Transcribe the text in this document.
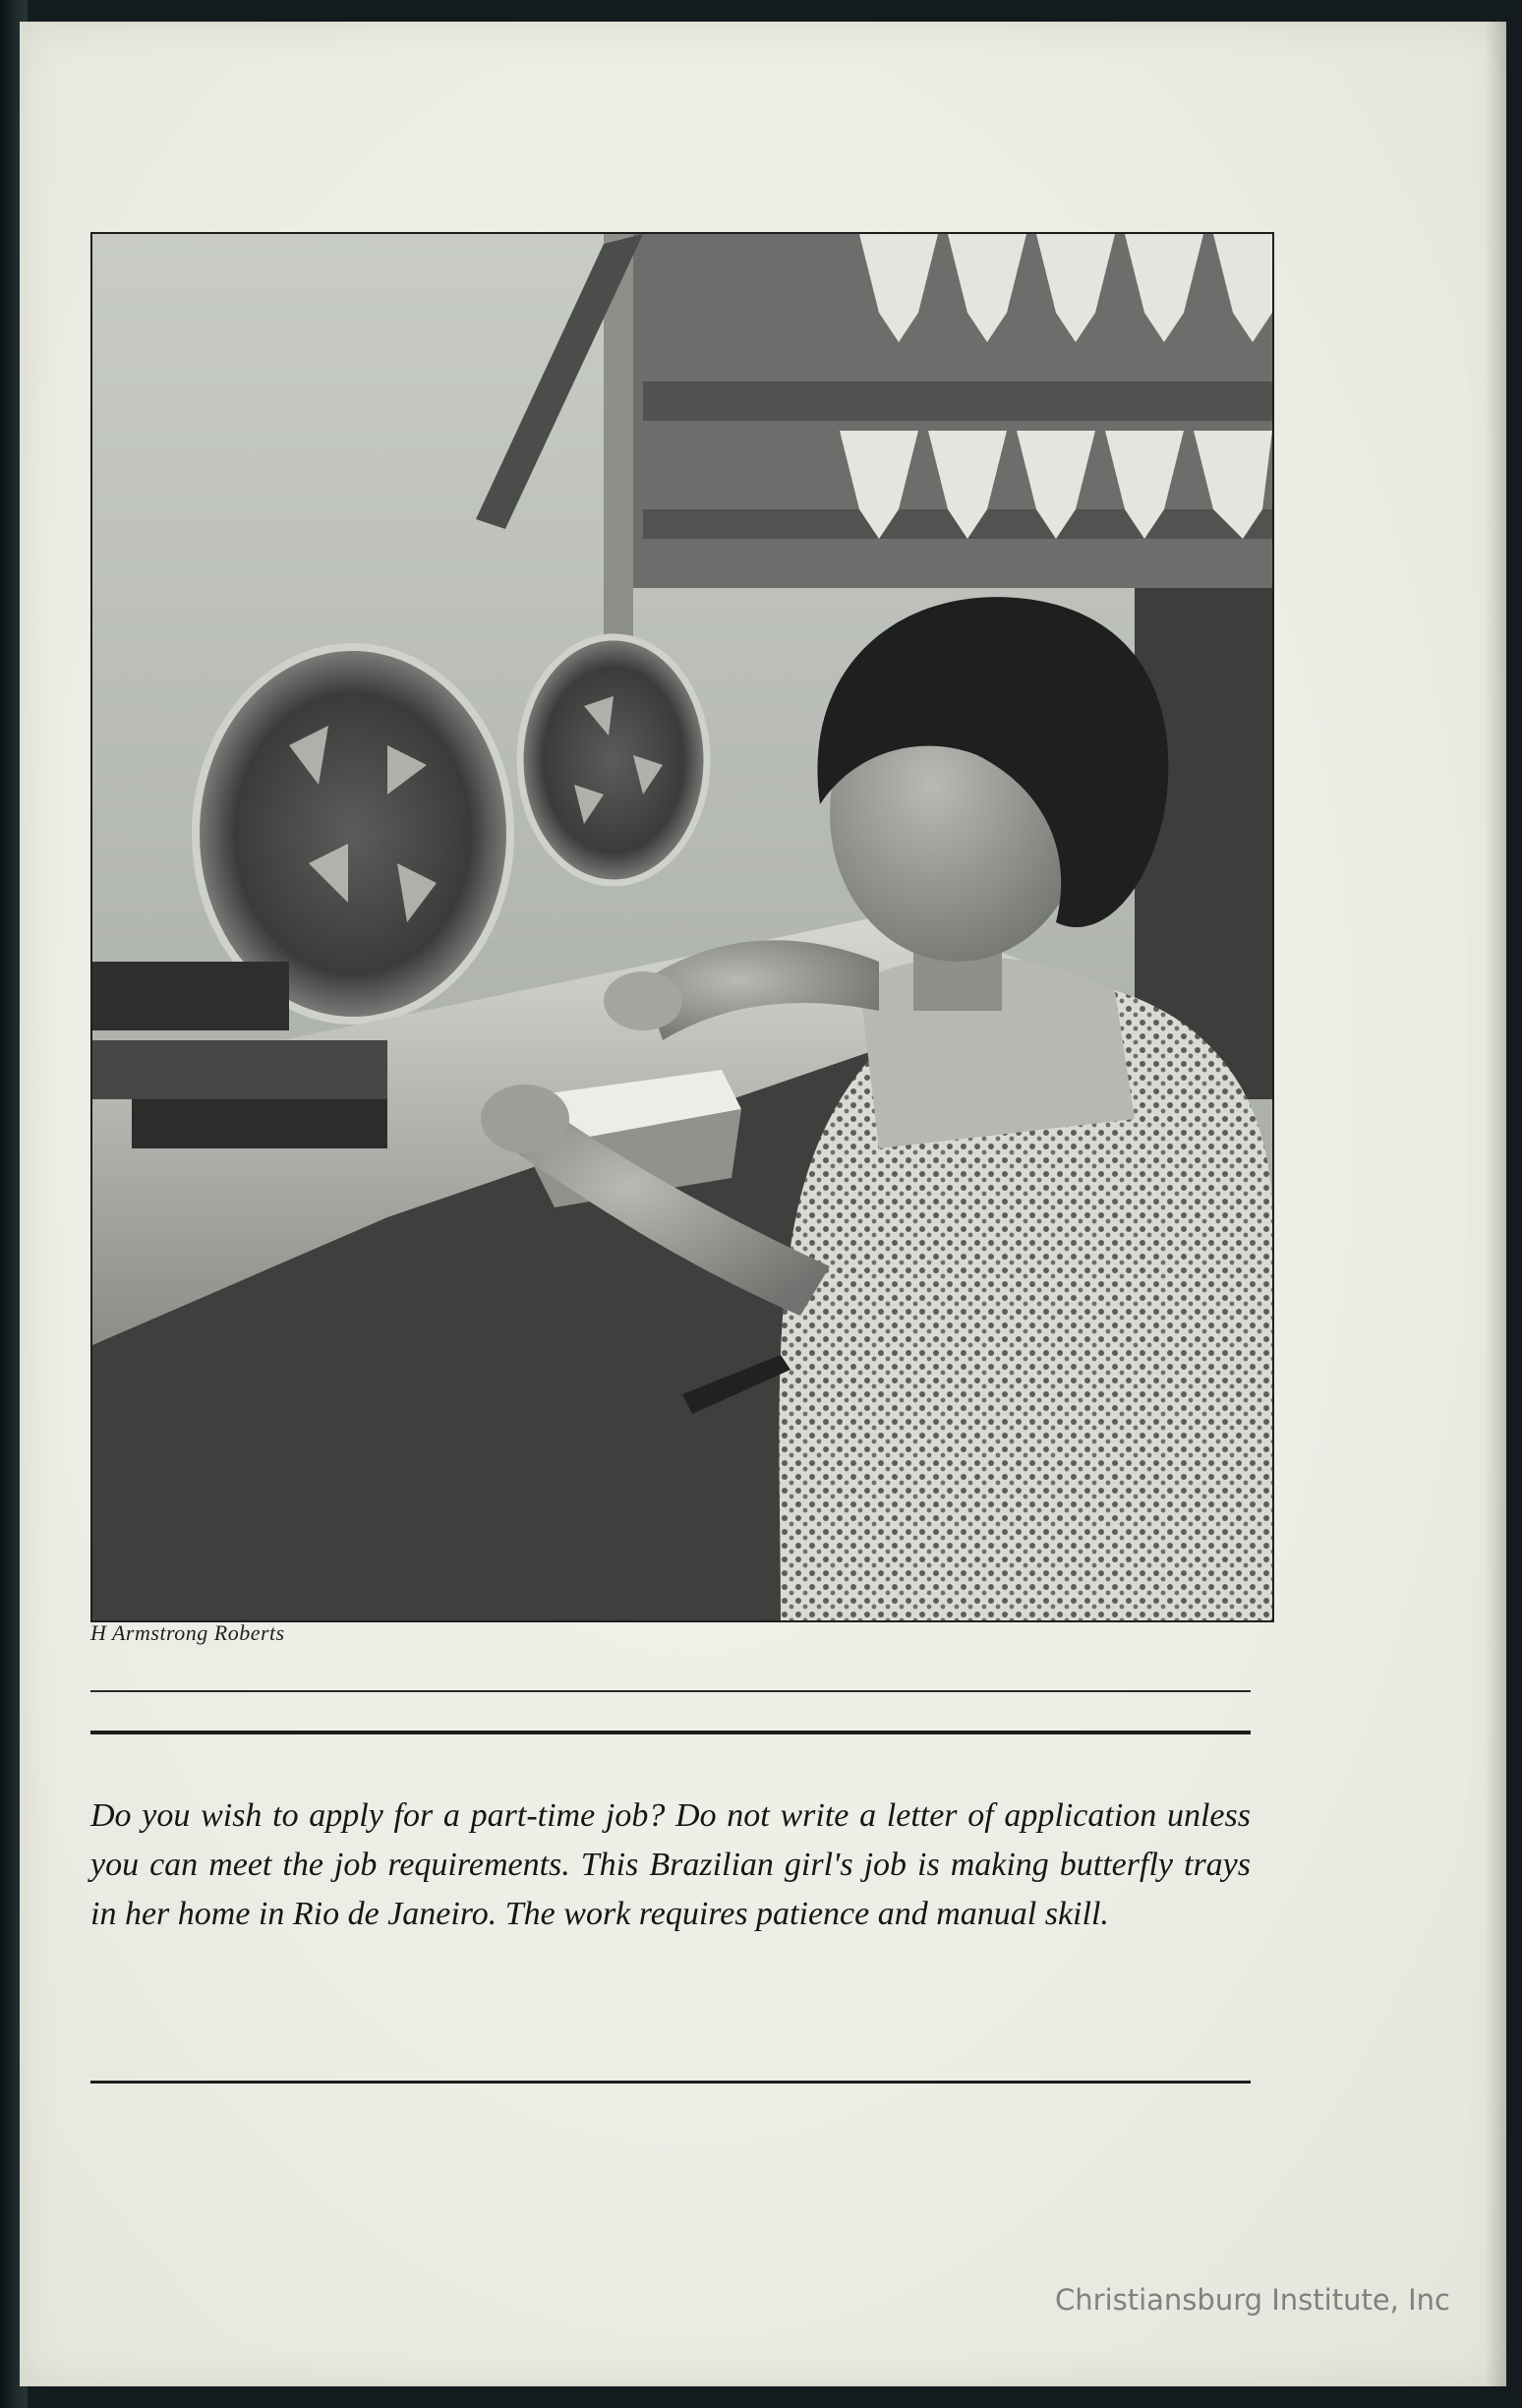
H Armstrong Roberts
Do you wish to apply for a part-time job? Do not write a letter of application unless you can meet the job requirements. This Brazilian girl's job is making butterfly trays in her home in Rio de Janeiro. The work requires patience and manual skill.
Christiansburg Institute, Inc
